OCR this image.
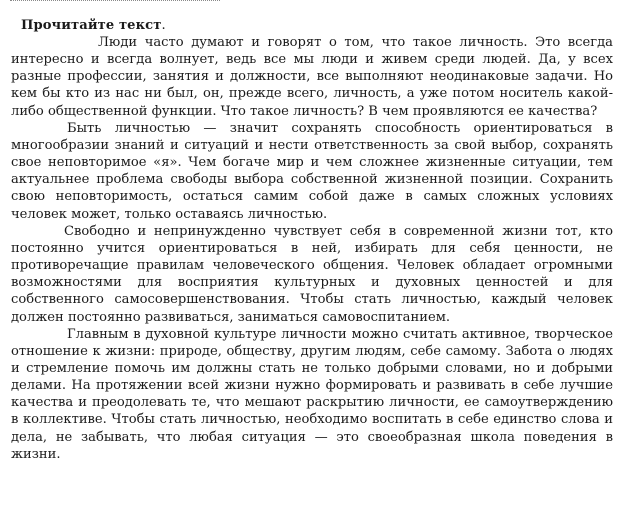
Прочитайте текст.

Люди часто думают и говорят о том, что такое личность. Это всегда интересно и всегда волнует, ведь все мы люди и живем среди людей. Да, у всех разные профессии, занятия и должности, все выполняют неодинаковые задачи. Но кем бы кто из нас ни был, он, прежде всего, личность, а уже потом носитель какой-либо общественной функции. Что такое личность? В чем проявляются ее качества?

Быть личностью — значит сохранять способность ориентироваться в многообразии знаний и ситуаций и нести ответственность за свой выбор, сохранять свое неповторимое «я». Чем богаче мир и чем сложнее жизненные ситуации, тем актуальнее проблема свободы выбора собственной жизненной позиции. Сохранить свою неповторимость, остаться самим собой даже в самых сложных условиях человек может, только оставаясь личностью.

Свободно и непринужденно чувствует себя в современной жизни тот, кто постоянно учится ориентироваться в ней, избирать для себя ценности, не противоречащие правилам человеческого общения. Человек обладает огромными возможностями для восприятия культурных и духовных ценностей и для собственного самосовершенствования. Чтобы стать личностью, каждый человек должен постоянно развиваться, заниматься самовоспитанием.

Главным в духовной культуре личности можно считать активное, творческое отношение к жизни: природе, обществу, другим людям, себе самому. Забота о людях и стремление помочь им должны стать не только добрыми словами, но и добрыми делами. На протяжении всей жизни нужно формировать и развивать в себе лучшие качества и преодолевать те, что мешают раскрытию личности, ее самоутверждению в коллективе. Чтобы стать личностью, необходимо воспитать в себе единство слова и дела, не забывать, что любая ситуация — это своеобразная школа поведения в жизни.
